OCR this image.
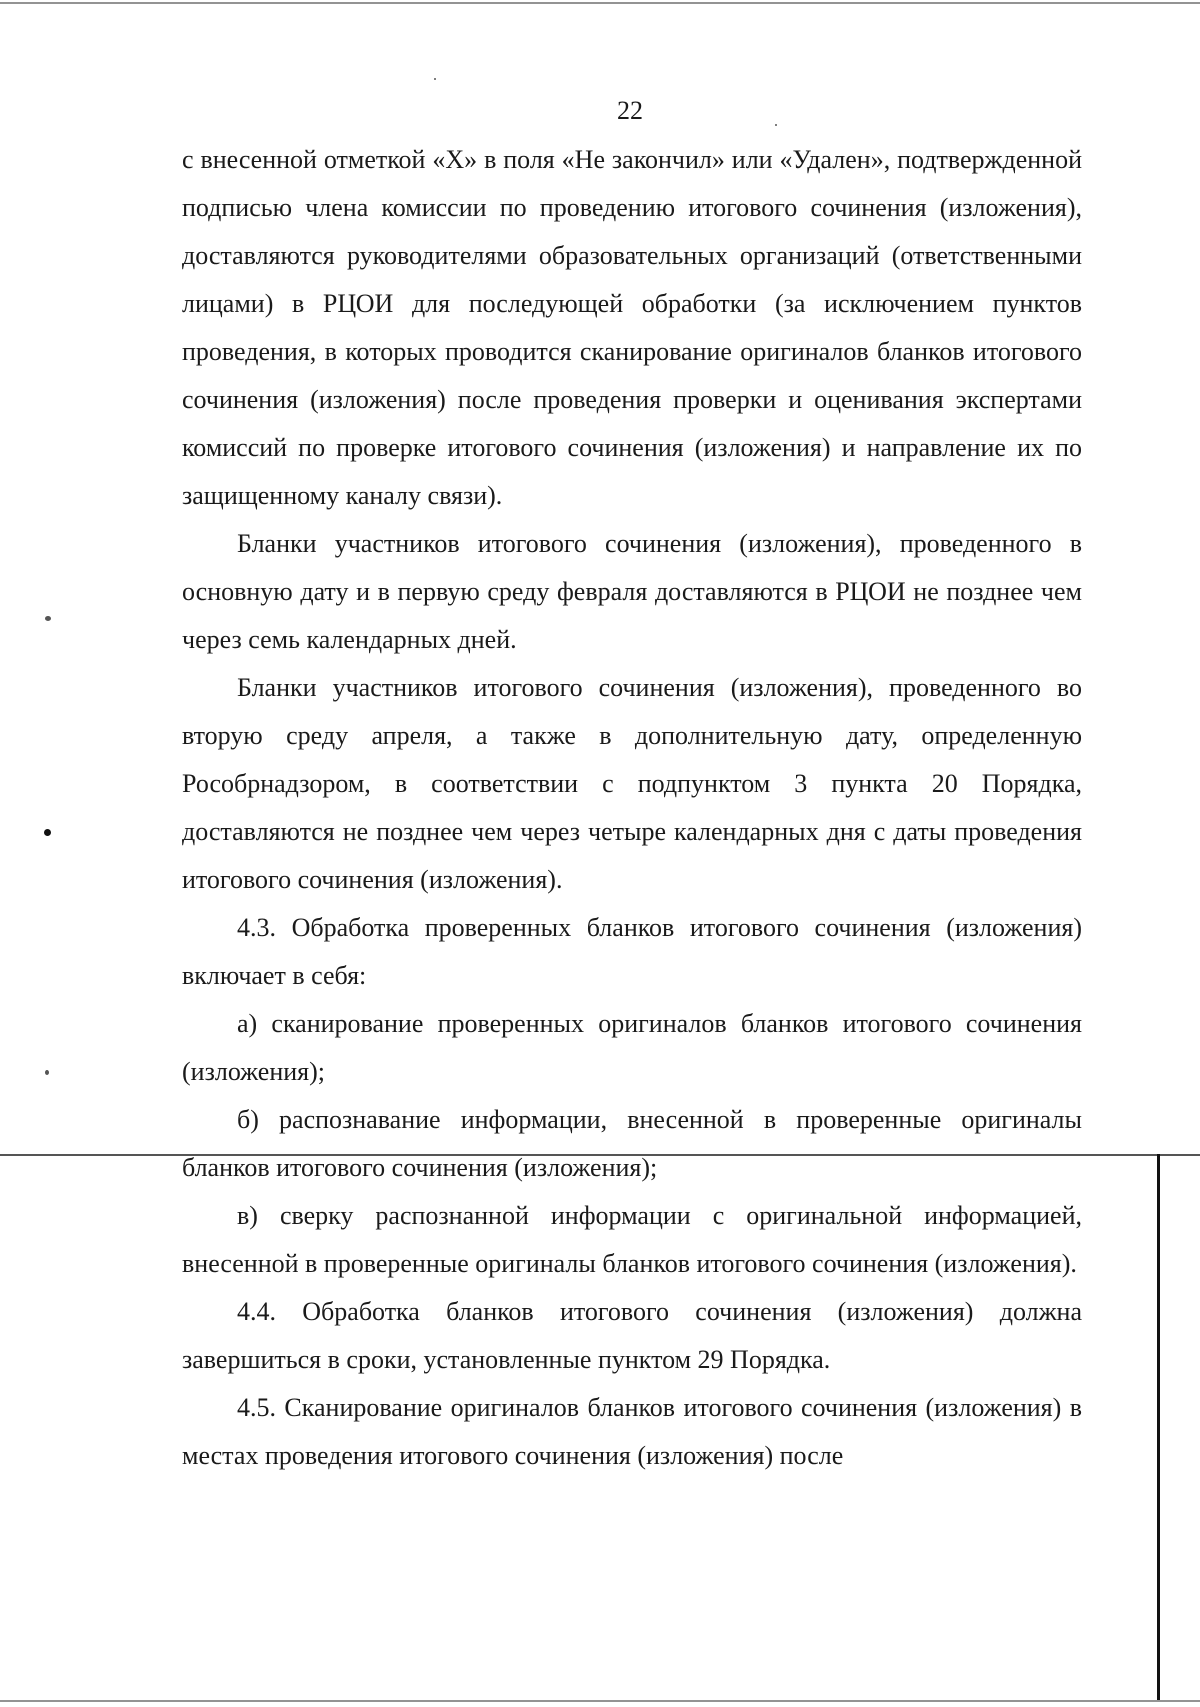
22

с внесенной отметкой «X» в поля «Не закончил» или «Удален», подтвержденной подписью члена комиссии по проведению итогового сочинения (изложения), доставляются руководителями образовательных организаций (ответственными лицами) в РЦОИ для последующей обработки (за исключением пунктов проведения, в которых проводится сканирование оригиналов бланков итогового сочинения (изложения) после проведения проверки и оценивания экспертами комиссий по проверке итогового сочинения (изложения) и направление их по защищенному каналу связи).

Бланки участников итогового сочинения (изложения), проведенного в основную дату и в первую среду февраля доставляются в РЦОИ не позднее чем через семь календарных дней.

Бланки участников итогового сочинения (изложения), проведенного во вторую среду апреля, а также в дополнительную дату, определенную Рособрнадзором, в соответствии с подпунктом 3 пункта 20 Порядка, доставляются не позднее чем через четыре календарных дня с даты проведения итогового сочинения (изложения).

4.3. Обработка проверенных бланков итогового сочинения (изложения) включает в себя:

а) сканирование проверенных оригиналов бланков итогового сочинения (изложения);

б) распознавание информации, внесенной в проверенные оригиналы бланков итогового сочинения (изложения);

в) сверку распознанной информации с оригинальной информацией, внесенной в проверенные оригиналы бланков итогового сочинения (изложения).

4.4. Обработка бланков итогового сочинения (изложения) должна завершиться в сроки, установленные пунктом 29 Порядка.

4.5. Сканирование оригиналов бланков итогового сочинения (изложения) в местах проведения итогового сочинения (изложения) после
